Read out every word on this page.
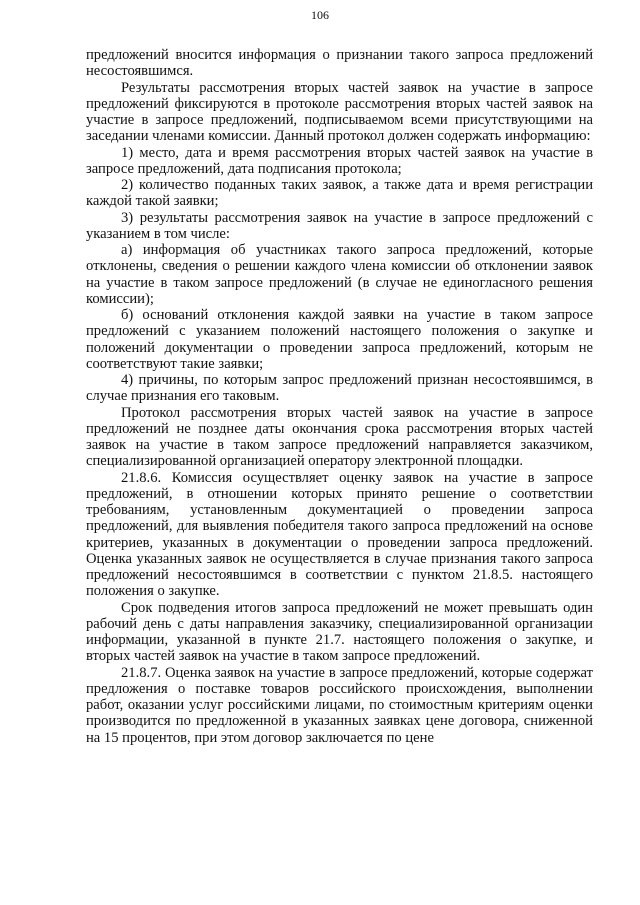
106

предложений вносится информация о признании такого запроса предложений несостоявшимся.

Результаты рассмотрения вторых частей заявок на участие в запросе предложений фиксируются в протоколе рассмотрения вторых частей заявок на участие в запросе предложений, подписываемом всеми присутствующими на заседании членами комиссии. Данный протокол должен содержать информацию:

1) место, дата и время рассмотрения вторых частей заявок на участие в запросе предложений, дата подписания протокола;

2) количество поданных таких заявок, а также дата и время регистрации каждой такой заявки;

3) результаты рассмотрения заявок на участие в запросе предложений с указанием в том числе:

а) информация об участниках такого запроса предложений, которые отклонены, сведения о решении каждого члена комиссии об отклонении заявок на участие в таком запросе предложений (в случае не единогласного решения комиссии);

б) оснований отклонения каждой заявки на участие в таком запросе предложений с указанием положений настоящего положения о закупке и положений документации о проведении запроса предложений, которым не соответствуют такие заявки;

4) причины, по которым запрос предложений признан несостоявшимся, в случае признания его таковым.

Протокол рассмотрения вторых частей заявок на участие в запросе предложений не позднее даты окончания срока рассмотрения вторых частей заявок на участие в таком запросе предложений направляется заказчиком, специализированной организацией оператору электронной площадки.

21.8.6. Комиссия осуществляет оценку заявок на участие в запросе предложений, в отношении которых принято решение о соответствии требованиям, установленным документацией о проведении запроса предложений, для выявления победителя такого запроса предложений на основе критериев, указанных в документации о проведении запроса предложений. Оценка указанных заявок не осуществляется в случае признания такого запроса предложений несостоявшимся в соответствии с пунктом 21.8.5. настоящего положения о закупке.

Срок подведения итогов запроса предложений не может превышать один рабочий день с даты направления заказчику, специализированной организации информации, указанной в пункте 21.7. настоящего положения о закупке, и вторых частей заявок на участие в таком запросе предложений.

21.8.7. Оценка заявок на участие в запросе предложений, которые содержат предложения о поставке товаров российского происхождения, выполнении работ, оказании услуг российскими лицами, по стоимостным критериям оценки производится по предложенной в указанных заявках цене договора, сниженной на 15 процентов, при этом договор заключается по цене
